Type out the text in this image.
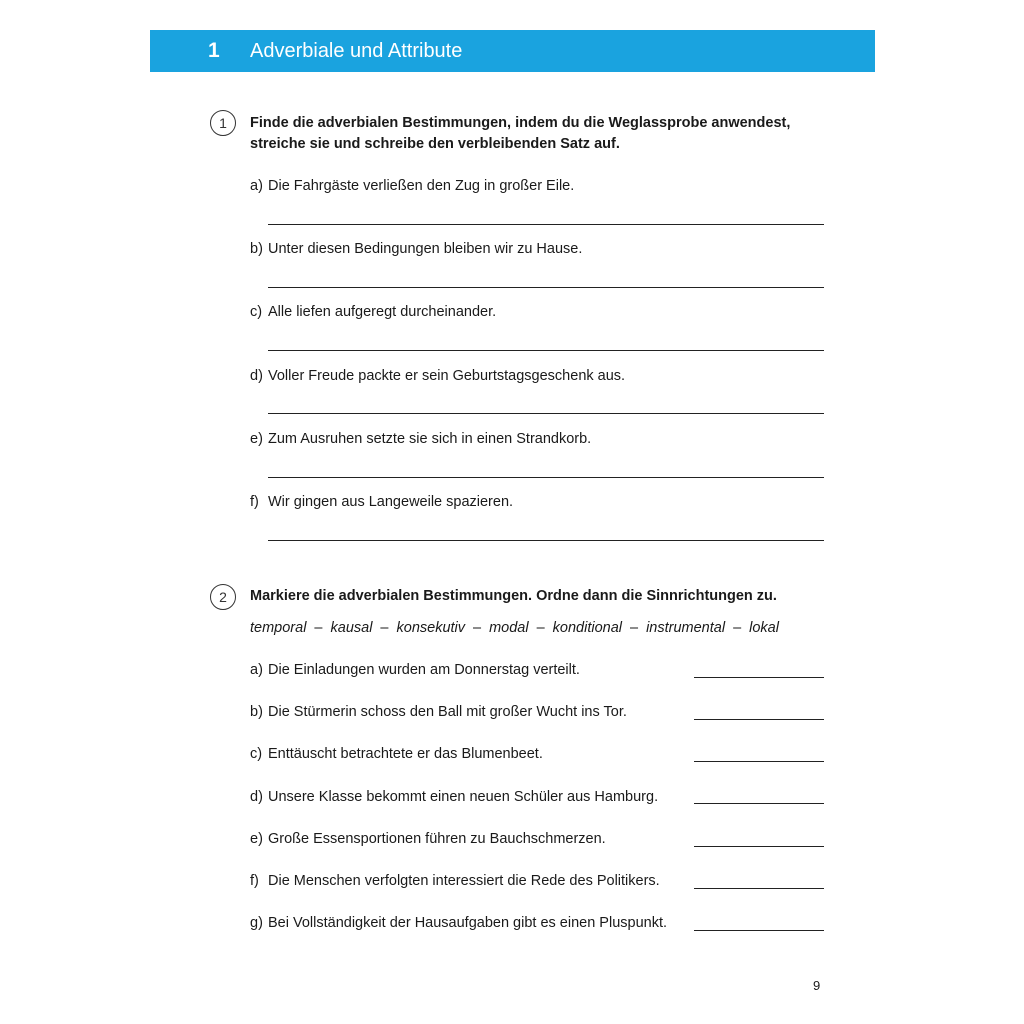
1 Adverbiale und Attribute
1	Finde die adverbialen Bestimmungen, indem du die Weglassprobe anwendest,
streiche sie und schreibe den verbleibenden Satz auf.
a) Die Fahrgäste verließen den Zug in großer Eile.
b) Unter diesen Bedingungen bleiben wir zu Hause.
c) Alle liefen aufgeregt durcheinander.
d) Voller Freude packte er sein Geburtstagsgeschenk aus.
e) Zum Ausruhen setzte sie sich in einen Strandkorb.
f) Wir gingen aus Langeweile spazieren.
2	Markiere die adverbialen Bestimmungen. Ordne dann die Sinnrichtungen zu.
temporal – kausal – konsekutiv – modal – konditional – instrumental – lokal
a) Die Einladungen wurden am Donnerstag verteilt.
b) Die Stürmerin schoss den Ball mit großer Wucht ins Tor.
c) Enttäuscht betrachtete er das Blumenbeet.
d) Unsere Klasse bekommt einen neuen Schüler aus Hamburg.
e) Große Essensportionen führen zu Bauchschmerzen.
f) Die Menschen verfolgten interessiert die Rede des Politikers.
g) Bei Vollständigkeit der Hausaufgaben gibt es einen Pluspunkt.
9
